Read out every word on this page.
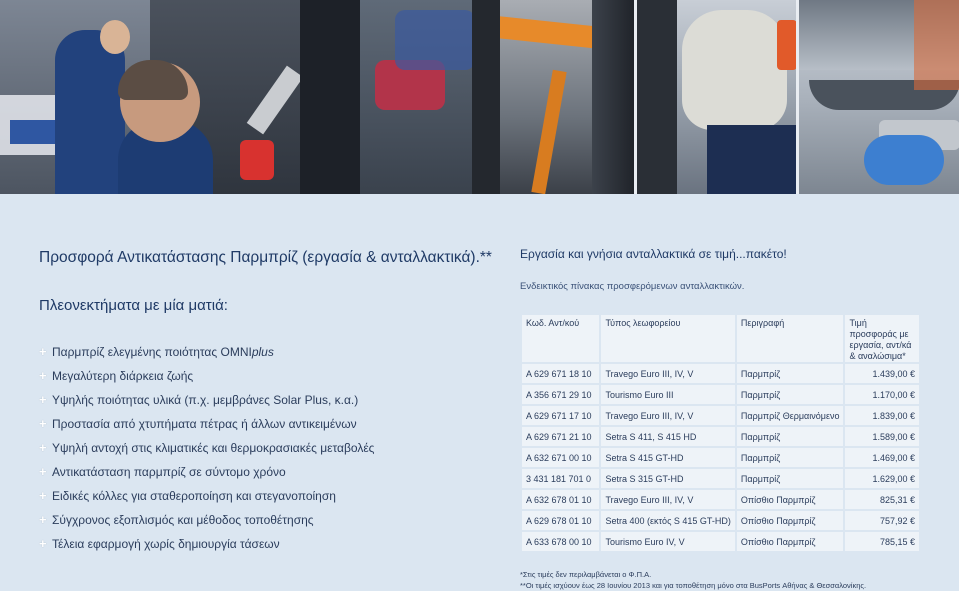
Προσφορά Αντικατάστασης Παρμπρίζ (εργασία & ανταλλακτικά).**
Πλεονεκτήματα με μία ματιά:
+ Παρμπρίζ ελεγμένης ποιότητας OMNIplus
+ Μεγαλύτερη διάρκεια ζωής
+ Υψηλής ποιότητας υλικά (π.χ. μεμβράνες Solar Plus, κ.α.)
+ Προστασία από χτυπήματα πέτρας ή άλλων αντικειμένων
+ Υψηλή αντοχή στις κλιματικές και θερμοκρασιακές μεταβολές
+ Αντικατάσταση παρμπρίζ σε σύντομο χρόνο
+ Ειδικές κόλλες για σταθεροποίηση και στεγανοποίηση
+ Σύγχρονος εξοπλισμός και μέθοδος τοποθέτησης
+ Τέλεια εφαρμογή χωρίς δημιουργία τάσεων
Εργασία και γνήσια ανταλλακτικά σε τιμή...πακέτο!
Ενδεικτικός πίνακας προσφερόμενων ανταλλακτικών.
Κωδ. Αντ/κού	Τύπος λεωφορείου	Περιγραφή	Τιμή προσφοράς με εργασία, αντ/κά & αναλώσιμα*
A 629 671 18 10	Travego Euro III, IV, V	Παρμπρίζ	1.439,00 €
A 356 671 29 10	Tourismo Euro III	Παρμπρίζ	1.170,00 €
A 629 671 17 10	Travego Euro III, IV, V	Παρμπρίζ Θερμαινόμενο	1.839,00 €
A 629 671 21 10	Setra S 411, S 415 HD	Παρμπρίζ	1.589,00 €
A 632 671 00 10	Setra S 415 GT-HD	Παρμπρίζ	1.469,00 €
3 431 181 701 0	Setra S 315 GT-HD	Παρμπρίζ	1.629,00 €
A 632 678 01 10	Travego Euro III, IV, V	Οπίσθιο Παρμπρίζ	825,31 €
A 629 678 01 10	Setra 400 (εκτός S 415 GT-HD)	Οπίσθιο Παρμπρίζ	757,92 €
A 633 678 00 10	Tourismo Euro IV, V	Οπίσθιο Παρμπρίζ	785,15 €
*Στις τιμές δεν περιλαμβάνεται ο Φ.Π.Α.
**Οι τιμές ισχύουν έως 28 Ιουνίου 2013 και για τοποθέτηση μόνο στα BusPorts Αθήνας & Θεσσαλονίκης.
